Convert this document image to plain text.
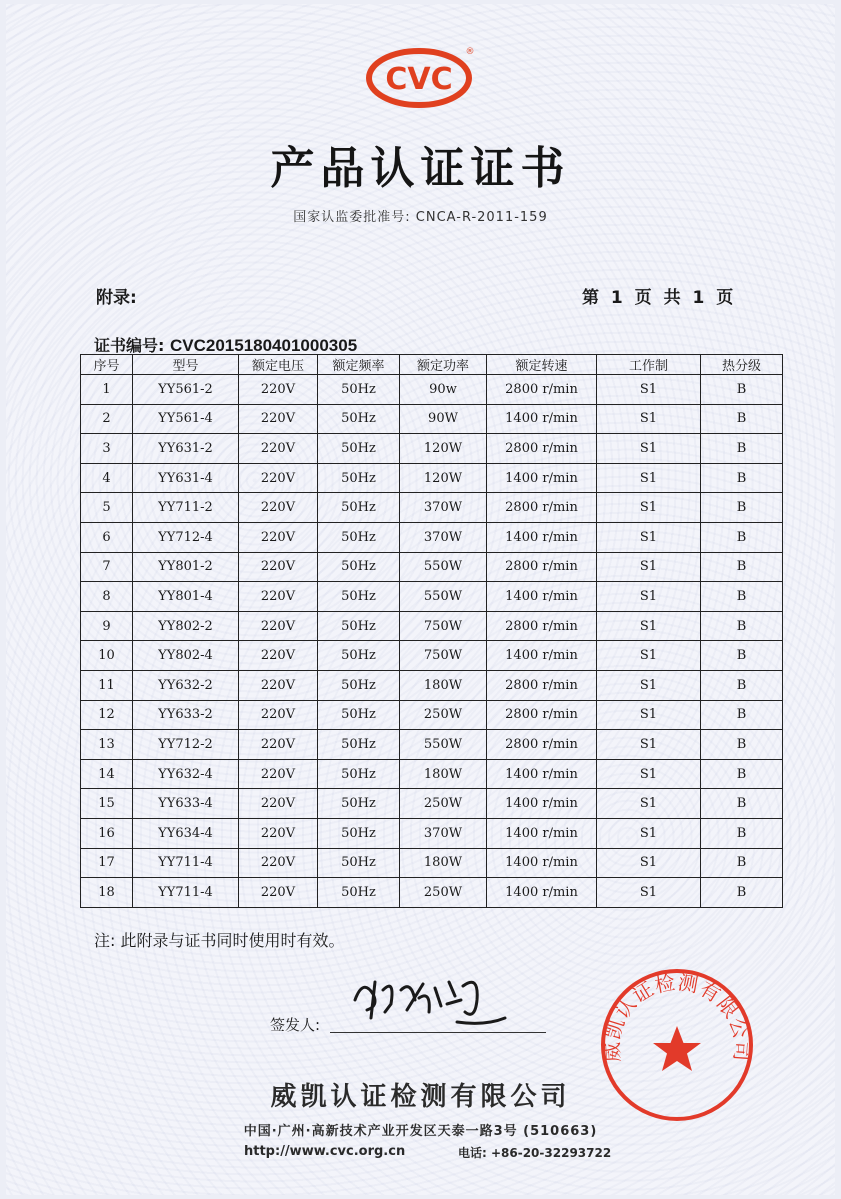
CVC
®
产品认证证书
国家认监委批准号: CNCA-R-2011-159
附录:	第 1 页 共 1 页
证书编号: CVC2015180401000305
序号	型号	额定电压	额定频率	额定功率	额定转速	工作制	热分级
1	YY561-2	220V	50Hz	90w	2800 r/min	S1	B
2	YY561-4	220V	50Hz	90W	1400 r/min	S1	B
3	YY631-2	220V	50Hz	120W	2800 r/min	S1	B
4	YY631-4	220V	50Hz	120W	1400 r/min	S1	B
5	YY711-2	220V	50Hz	370W	2800 r/min	S1	B
6	YY712-4	220V	50Hz	370W	1400 r/min	S1	B
7	YY801-2	220V	50Hz	550W	2800 r/min	S1	B
8	YY801-4	220V	50Hz	550W	1400 r/min	S1	B
9	YY802-2	220V	50Hz	750W	2800 r/min	S1	B
10	YY802-4	220V	50Hz	750W	1400 r/min	S1	B
11	YY632-2	220V	50Hz	180W	2800 r/min	S1	B
12	YY633-2	220V	50Hz	250W	2800 r/min	S1	B
13	YY712-2	220V	50Hz	550W	2800 r/min	S1	B
14	YY632-4	220V	50Hz	180W	1400 r/min	S1	B
15	YY633-4	220V	50Hz	250W	1400 r/min	S1	B
16	YY634-4	220V	50Hz	370W	1400 r/min	S1	B
17	YY711-4	220V	50Hz	180W	1400 r/min	S1	B
18	YY711-4	220V	50Hz	250W	1400 r/min	S1	B
注: 此附录与证书同时使用时有效。
签发人:
威凯认证检测有限公司
威凯认证检测有限公司
中国·广州·高新技术产业开发区天泰一路3号 (510663)
http://www.cvc.org.cn	电话: +86-20-32293722
